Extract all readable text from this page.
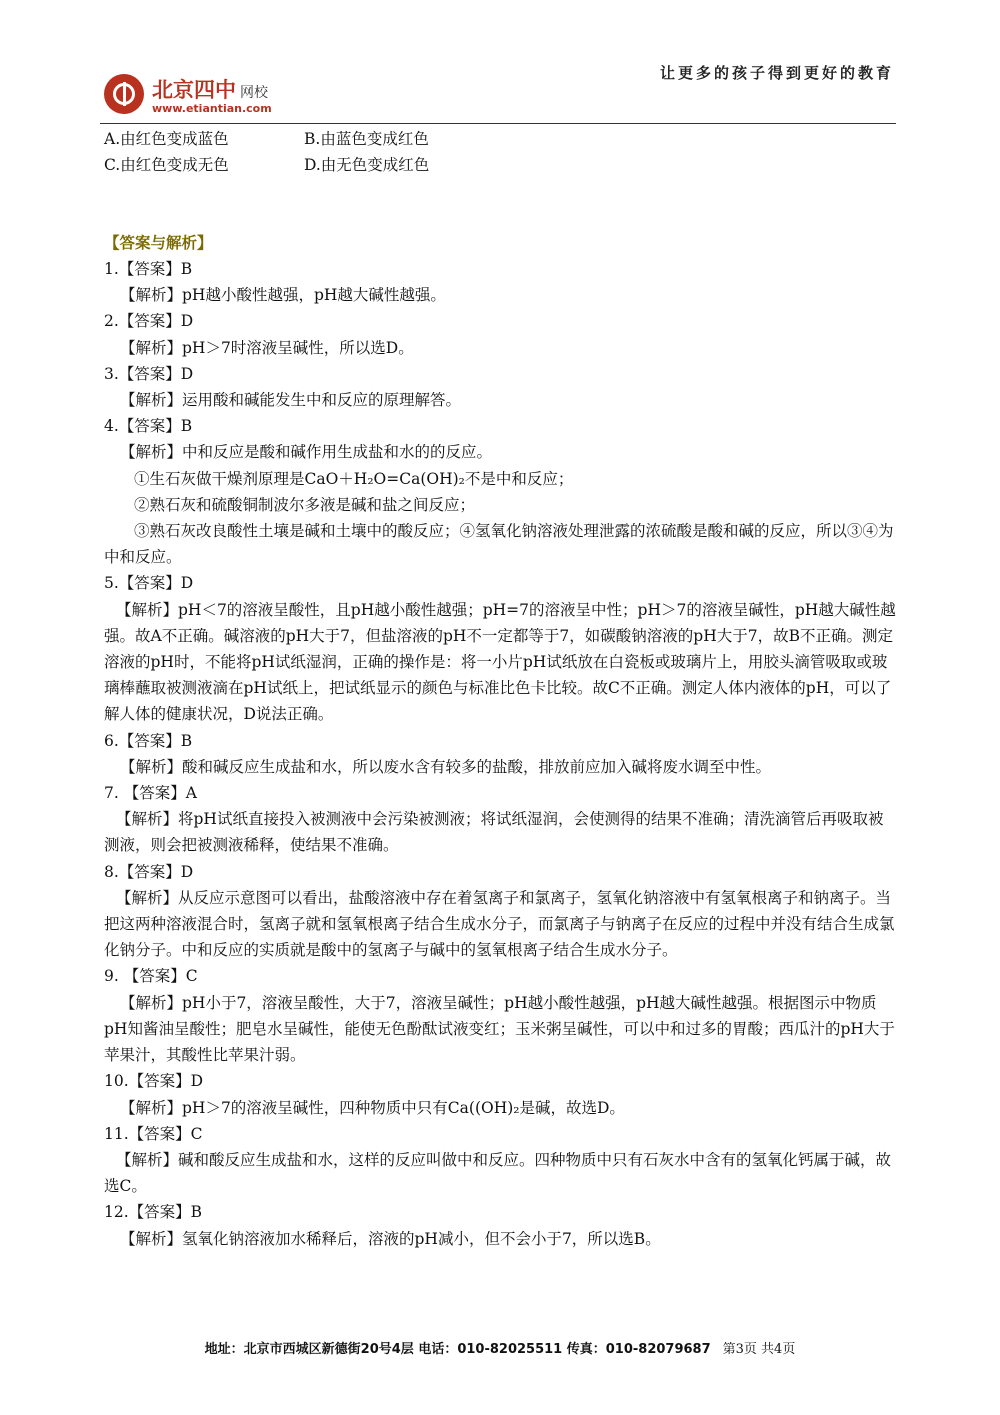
让更多的孩子得到更好的教育
北京四中 网校
www.etiantian.com
A.由红色变成蓝色	B.由蓝色变成红色
C.由红色变成无色	D.由无色变成红色
【答案与解析】
1.【答案】B
【解析】pH越小酸性越强，pH越大碱性越强。
2.【答案】D
【解析】pH＞7时溶液呈碱性，所以选D。
3.【答案】D
【解析】运用酸和碱能发生中和反应的原理解答。
4.【答案】B
【解析】中和反应是酸和碱作用生成盐和水的的反应。
①生石灰做干燥剂原理是CaO＋H₂O=Ca(OH)₂不是中和反应；
②熟石灰和硫酸铜制波尔多液是碱和盐之间反应；
③熟石灰改良酸性土壤是碱和土壤中的酸反应；④氢氧化钠溶液处理泄露的浓硫酸是酸和碱的反应，所以③④为中和反应。
5.【答案】D
【解析】pH＜7的溶液呈酸性，且pH越小酸性越强；pH=7的溶液呈中性；pH＞7的溶液呈碱性，pH越大碱性越强。故A不正确。碱溶液的pH大于7，但盐溶液的pH不一定都等于7，如碳酸钠溶液的pH大于7，故B不正确。测定溶液的pH时，不能将pH试纸湿润，正确的操作是：将一小片pH试纸放在白瓷板或玻璃片上，用胶头滴管吸取或玻璃棒蘸取被测液滴在pH试纸上，把试纸显示的颜色与标准比色卡比较。故C不正确。测定人体内液体的pH，可以了解人体的健康状况，D说法正确。
6.【答案】B
【解析】酸和碱反应生成盐和水，所以废水含有较多的盐酸，排放前应加入碱将废水调至中性。
7. 【答案】A
【解析】将pH试纸直接投入被测液中会污染被测液；将试纸湿润，会使测得的结果不准确；清洗滴管后再吸取被测液，则会把被测液稀释，使结果不准确。
8.【答案】D
【解析】从反应示意图可以看出，盐酸溶液中存在着氢离子和氯离子，氢氧化钠溶液中有氢氧根离子和钠离子。当把这两种溶液混合时，氢离子就和氢氧根离子结合生成水分子，而氯离子与钠离子在反应的过程中并没有结合生成氯化钠分子。中和反应的实质就是酸中的氢离子与碱中的氢氧根离子结合生成水分子。
9. 【答案】C
【解析】pH小于7，溶液呈酸性，大于7，溶液呈碱性；pH越小酸性越强，pH越大碱性越强。根据图示中物质pH知酱油呈酸性；肥皂水呈碱性，能使无色酚酞试液变红；玉米粥呈碱性，可以中和过多的胃酸；西瓜汁的pH大于苹果汁，其酸性比苹果汁弱。
10.【答案】D
【解析】pH＞7的溶液呈碱性，四种物质中只有Ca((OH)₂是碱，故选D。
11.【答案】C
【解析】碱和酸反应生成盐和水，这样的反应叫做中和反应。四种物质中只有石灰水中含有的氢氧化钙属于碱，故选C。
12.【答案】B
【解析】氢氧化钠溶液加水稀释后，溶液的pH减小，但不会小于7，所以选B。
地址：北京市西城区新德街20号4层 电话：010-82025511 传真：010-82079687 第3页 共4页
